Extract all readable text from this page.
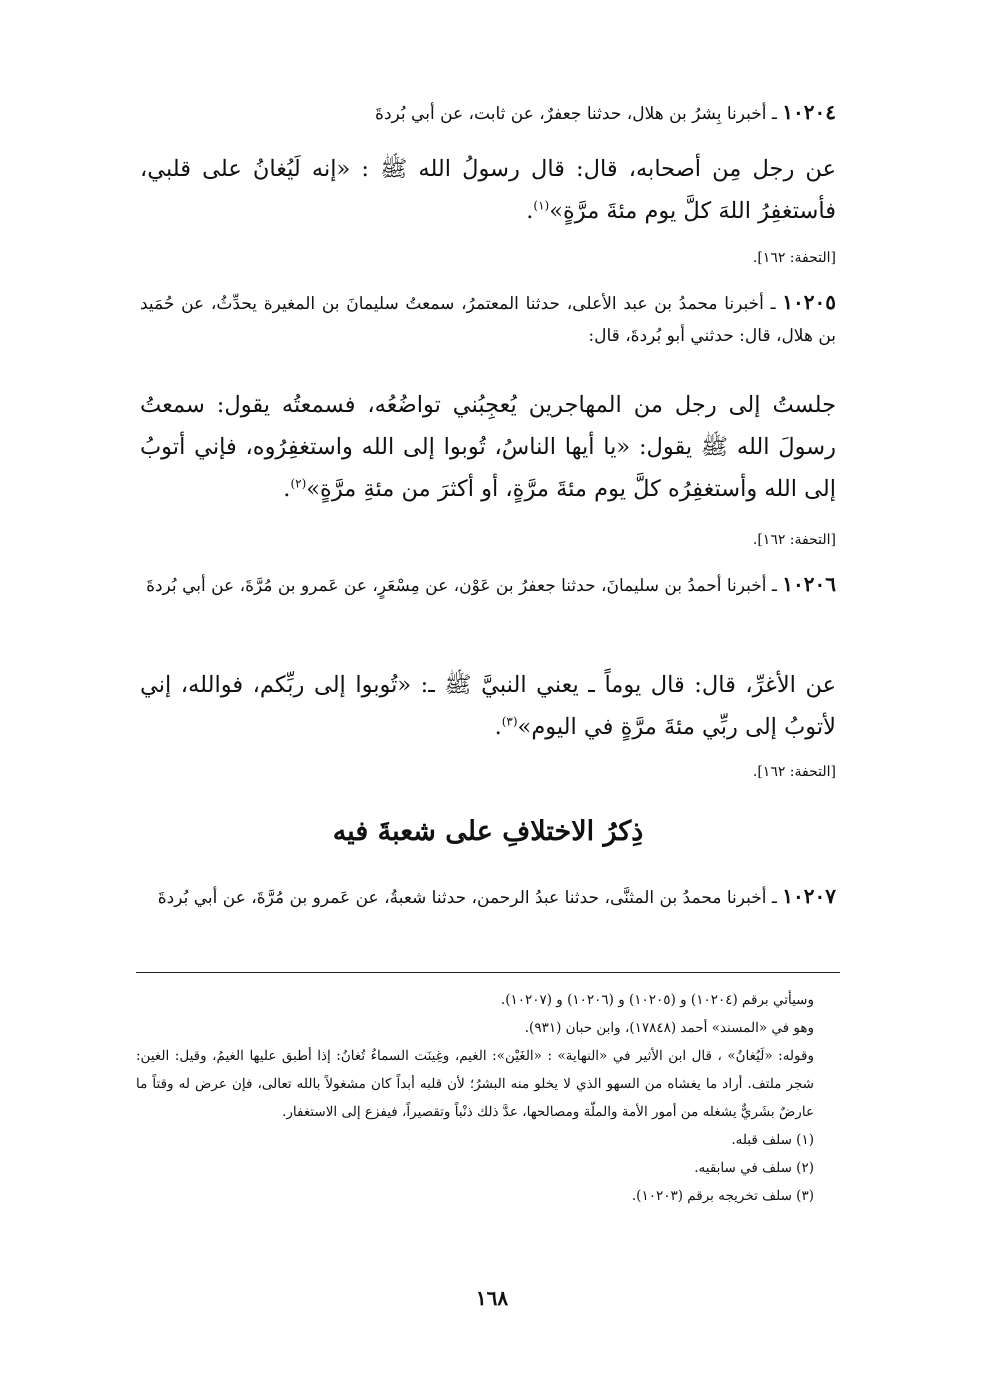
١٠٢٠٤ ـ أخبرنا بِشرُ بن هلال، حدثنا جعفرٌ، عن ثابت، عن أبي بُردةَ
عن رجل مِن أصحابه، قال: قال رسولُ الله ﷺ : «إنه لَيُغانُ على قلبي، فأستغفِرُ اللهَ كلَّ يوم مئةَ مرَّةٍ»$^{(١)}$.
[التحفة: ١٦٢].
١٠٢٠٥ ـ أخبرنا محمدُ بن عبد الأعلى، حدثنا المعتمرُ، سمعتُ سليمانَ بن المغيرة يحدِّثُ، عن حُمَيد بن هلال، قال: حدثني أبو بُردةَ، قال:
جلستُ إلى رجل من المهاجرين يُعجِبُني تواضُعُه، فسمعتُه يقول: سمعتُ رسولَ الله ﷺ يقول: «يا أيها الناسُ، تُوبوا إلى الله واستغفِرُوه، فإني أتوبُ إلى الله وأستغفِرُه كلَّ يوم مئةَ مرَّةٍ، أو أكثرَ من مئةِ مرَّةٍ»$^{(٢)}$.
[التحفة: ١٦٢].
١٠٢٠٦ ـ أخبرنا أحمدُ بن سليمانَ، حدثنا جعفرُ بن عَوْن، عن مِسْعَرٍ، عن عَمرو بن مُرَّةَ، عن أبي بُردةَ
عن الأغرِّ، قال: قال يوماً ـ يعني النبيَّ ﷺ ـ: «تُوبوا إلى ربِّكم، فوالله، إني لأتوبُ إلى ربِّي مئةَ مرَّةٍ في اليوم»$^{(٣)}$.
[التحفة: ١٦٢].
ذِكرُ الاختلافِ على شعبةَ فيه
١٠٢٠٧ ـ أخبرنا محمدُ بن المثنَّى، حدثنا عبدُ الرحمن، حدثنا شعبةُ، عن عَمرو بن مُرَّةَ، عن أبي بُردةَ

وسيأتي برقم (١٠٢٠٤) و (١٠٢٠٥) و (١٠٢٠٦) و (١٠٢٠٧).

وهو في «المسند» أحمد (١٧٨٤٨)، وابن حبان (٩٣١).

وقوله: «لَيُغانُ» ، قال ابن الأثير في «النهاية» : «الغَيْن»: الغيم، وغِينَت السماءُ تُغانُ: إذا أطبق عليها الغيمُ، وقيل: الغين: شجر ملتف. أراد ما يغشاه من السهو الذي لا يخلو منه البشرُ؛ لأن قلبه أبداً كان مشغولاً بالله تعالى، فإن عرض له وقتاً ما عارضٌ بشَريٌّ يشغله من أمور الأمة والملّة ومصالحها، عدَّ ذلك ذنْباً وتقصيراً، فيفزع إلى الاستغفار.

(١) سلف قبله.

(٢) سلف في سابقيه.

(٣) سلف تخريجه برقم (١٠٢٠٣).

١٦٨
